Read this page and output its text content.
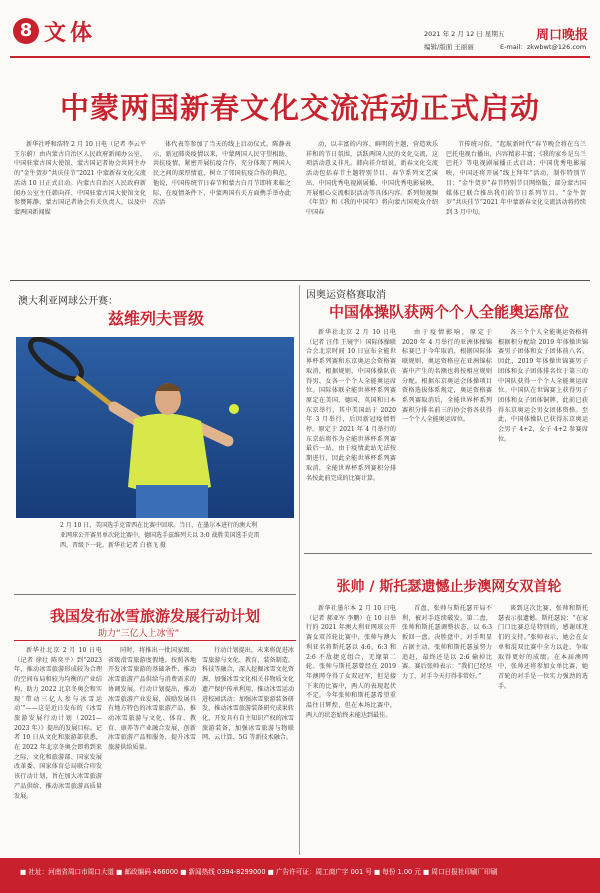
8 文体	2021 年 2 月 12 日 星期五 周口晚报
编辑/版面 王丽丽	E-mail：zkwbwt@126.com
中蒙两国新春文化交流活动正式启动

新华社呼和浩特 2 月 10 日电（记者 李云平 王尔蔚）由内蒙古自治区人民政府新闻办公室、中国驻蒙古国大使馆、蒙古国记者协会共同主办的“金牛贺岁”共庆佳节“2021 中蒙新春文化交流活动 10 日正式启动。内蒙古自治区人民政府新闻办公室主任韩向祥、中国驻蒙古国大使馆文化参赞陈静、蒙古国记者协会有关负责人，以及中蒙两国新闻媒

体代表等参加了当天的线上启动仪式。陈静表示，新冠肺炎疫情以来，中蒙两国人民守望相助、共抗疫情，紧密开展抗疫合作，充分体现了两国人民之间的深厚情谊，树立了邻国抗疫合作的典范。他说，中国传统节日春节和蒙古白月节即将来临之际，在疫情条件下，中蒙两国有关方面携手举办此次活

动，以丰富的内容、鲜明的主题，营造欢乐祥和的节日氛围，活跃两国人民的文化交流，这项活动意义非凡。韩向祥介绍说，新春文化交流活动包括春节主题特别节目、春节系列文艺演出、中国优秀电视剧展播、中国优秀电影展映、开展根心交流相识活动等具体内容。系列短视频《年货》和《我的中国年》将向蒙古国观众介绍中国春

节传统习俗，“起航新时代”春节晚会将在乌兰巴托电视台播出，内容精彩丰富；《我的家乡是乌兰巴托》等电视剧展播正式启动；中国优秀电影展映，中国还将开展“线上拜年”活动，制作特别节目；“金牛贺岁”春节特别节目网络版；部分蒙古国媒体已联合推出我们的节日系列节目。“金牛贺岁”共庆佳节“2021 年中蒙新春文化交流活动将持续到 3 月中旬。

澳大利亚网球公开赛：
兹维列夫晋级
2 月 10 日，美国选手克雷西在比赛中回球。当日，在墨尔本进行的澳大利亚网球公开赛男单次轮比赛中，德国选手兹维列夫以 3:0 战胜美国选手克雷西，晋级下一轮。新华社记者 白禧飞 摄
我国发布冰雪旅游发展行动计划
助力“三亿人上冰雪”

新华社北京 2 月 10 日电（记者 徐壮 陈奕平）到“2023 年，推动冰雪旅游形成较为合理的空间布局和较为均衡的产业结构，助力 2022 北京冬奥会和实现‘带动三亿人参与冰雪运动’”——这是近日发布的《冰雪旅游发展行动计划（2021—2023 年）》提出的发展目标。记者 10 日从文化和旅游部获悉，在 2022 年北京冬奥会即将到来之际，文化和旅游部、国家发展改革委、国家体育总局联合印发该行动计划，旨在加大冰雪旅游产品供给，推动冰雪旅游高质量发展。

同时，将推出一批国家级、省级滑雪旅游度假地。按照各地开发冰雪旅游的基础条件，推动冰雪旅游产品供给与消费需求的协调发展。行动计划提出，推动冰雪旅游产业发展，鼓励发展具有地方特色的冰雪旅游产品，推动冰雪旅游与文化、体育、教育、康养等产业融合发展，创新冰雪旅游产品和服务，提升冰雪旅游供给质量。

行动计划提出，未来将促进冰雪旅游与文化、教育、装备制造、科技等融合，深入挖掘冰雪文化资源，加强冰雪文化相关非物质文化遗产保护传承利用，推动冰雪运动进校园活动；加强冰雪旅游装备研发，推动冰雪旅游装备研究成果转化，开发具有自主知识产权的冰雪旅游装备，加强冰雪旅游与物联网、云计算、5G 等新技术融合。

因奥运资格赛取消
中国体操队获两个个人全能奥运席位

新华社北京 2 月 10 日电（记者 汪伟 王镜宇）国际体操联合会北京时间 10 日宣布全能世界杯系列赛和东京奥运会资格赛取消，根据规则，中国体操队获得男、女各一个个人全能奥运席位。国际体联全能世界杯系列赛原定在美国、德国、英国和日本东京举行，其中美国站于 2020 年 3 月举行，后因新冠疫情暂停。原定于 2021 年 4 月举行的东京站将作为全能世界杯系列赛最后一站，由于疫情此站无法按期进行，因此全能世界杯系列赛取消，全能世界杯系列赛积分排名按此前完成的比赛计算。

由于疫情影响，原定于 2020 年 4 月举行的亚洲体操锦标赛已于今年取消，根据国际体联规则，奥运资格应在亚洲锦标赛中产生的名额也将按相应规则分配。根据东京奥运会体操项目资格选拔体系规定，奥运资格赛系列赛取消后，全能世界杯系列赛积分排名前三的协会将各获得一个个人全能奥运席位。

各三个个人全能奥运资格将根据积分配给 2019 年体操世锦赛男子团体和女子团体前八名。因此，2019 年体操世锦赛男子团体和女子团体排名位于第三的中国队获得一个个人全能奥运席位。中国队在世锦赛上获得男子团体和女子团体铜牌，此前已获得东京奥运会男女团体资格。至此，中国体操队已获得东京奥运会男子 4+2，女子 4+2 参赛席位。

张帅 / 斯托瑟遗憾止步澳网女双首轮

新华社墨尔本 2 月 10 日电（记者 郝亚军 李鹏）在 10 日举行的 2021 年澳大利亚网球公开赛女双首轮比赛中，张帅与澳大利亚名将斯托瑟以 4:6、6:3 和 2:6 不敌捷克组合，无缘第二轮。张帅与斯托瑟曾经在 2019 年澳网夺得了女双冠军，但是接下来的比赛中，两人的表现起伏不定。今年张帅和斯托瑟希望重温往日辉煌，但在本场比赛中，两人的状态始终未能达到最佳。

首盘，张帅与斯托瑟开局不利，被对手连续破发。第二盘，张帅和斯托瑟调整状态，以 6:3 扳回一盘。决胜盘中，对手明显占据主动，张帅和斯托瑟虽努力追赶，最终还是以 2:6 输掉比赛。赛后张帅表示：“我们已经尽力了，对手今天打得非常好。”

谈到这次比赛，张帅和斯托瑟表示很遗憾。斯托瑟说：“在家门口比赛总是特别的，感谢球迷们的支持。”张帅表示，她会在女单和混双比赛中全力以赴，争取取得更好的成绩。在本届澳网中，张帅还将参加女单比赛，她首轮的对手是一位实力强劲的选手。

■ 社址：河南省周口市周口大道 ■ 邮政编码 466000 ■ 新闻热线 0394-8299000 ■ 广告许可证：周工商广字 001 号 ■ 每份 1.00 元 ■ 周口日报社印刷厂印刷
